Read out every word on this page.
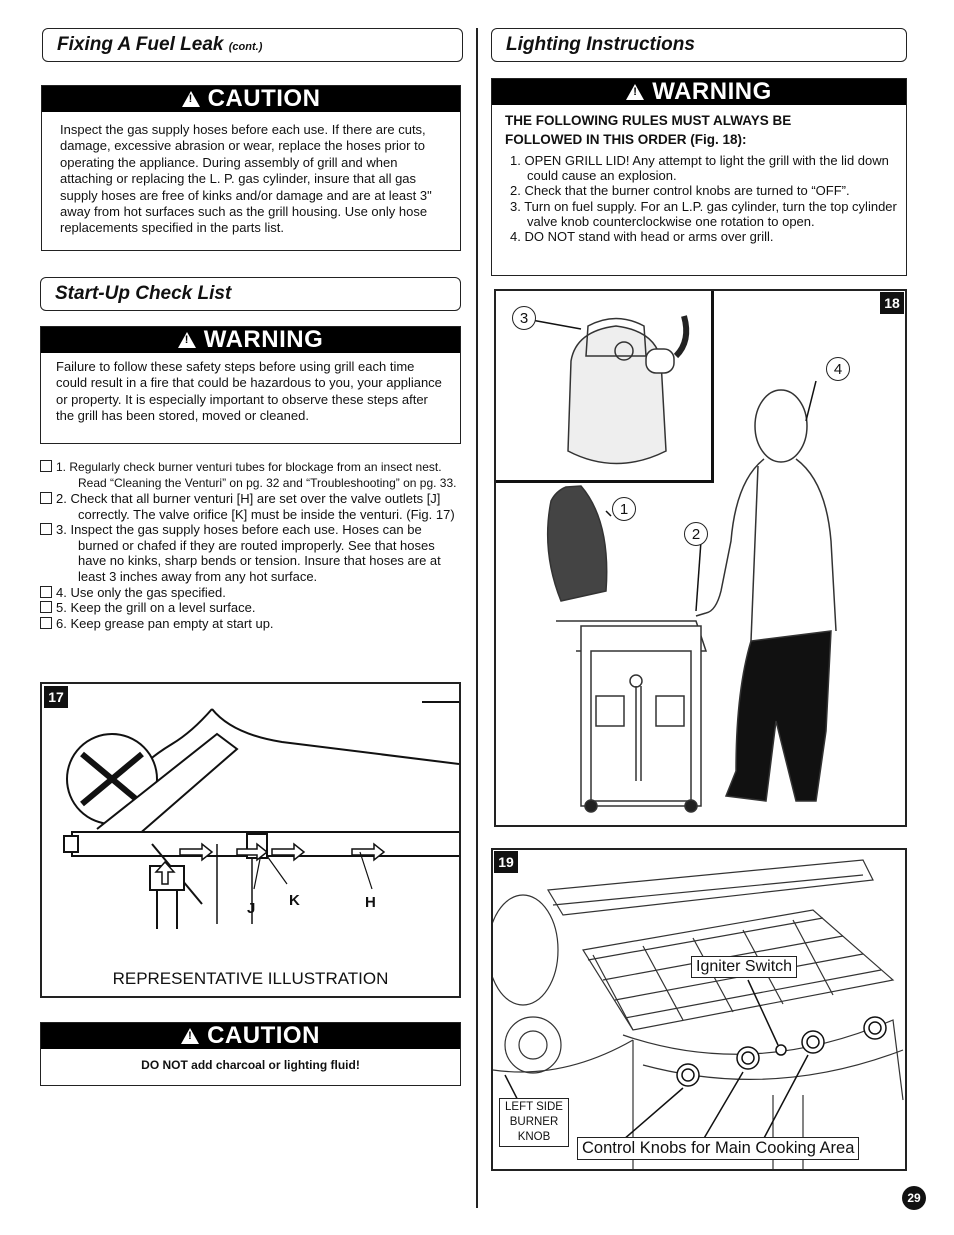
Fixing A Fuel Leak (cont.)
!
CAUTION

Inspect the gas supply hoses before each use. If there are cuts, damage, excessive abrasion or wear, replace the hoses prior to operating the appliance. During assembly of grill and when attaching or replacing the L. P. gas cylinder, insure that all gas supply hoses are free of kinks and/or damage and are at least 3" away from hot surfaces such as the grill housing. Use only hose replacements specified in the parts list.

Start-Up Check List
!
WARNING

Failure to follow these safety steps before using grill each time could result in a fire that could be hazardous to you, your appliance or property. It is especially important to observe these steps after the grill has been stored, moved or cleaned.

1. Regularly check burner venturi tubes for blockage from an insect nest. Read “Cleaning the Venturi” on pg. 32 and “Troubleshooting” on pg. 33.
2. Check that all burner venturi [H] are set over the valve outlets [J] correctly. The valve orifice [K] must be inside the venturi. (Fig. 17)
3. Inspect the gas supply hoses before each use. Hoses can be burned or chafed if they are routed improperly. See that hoses have no kinks, sharp bends or tension. Insure that hoses are at least 3 inches away from any hot surface.
4. Use only the gas specified.
5. Keep the grill on a level surface.
6. Keep grease pan empty at start up.
17
J K	H
REPRESENTATIVE ILLUSTRATION
!
CAUTION

DO NOT add charcoal or lighting fluid!

Lighting Instructions
!
WARNING

THE FOLLOWING RULES MUST ALWAYS BE FOLLOWED IN THIS ORDER (Fig. 18):

1. OPEN GRILL LID! Any attempt to light the grill with the lid down could cause an explosion.
2. Check that the burner control knobs are turned to “OFF”.
3. Turn on fuel supply. For an L.P. gas cylinder, turn the top cylinder valve knob counterclockwise one rotation to open.
4. DO NOT stand with head or arms over grill.
18
3
4
1
2
19
Igniter Switch
LEFT SIDE BURNER KNOB
Control Knobs for Main Cooking Area
29
